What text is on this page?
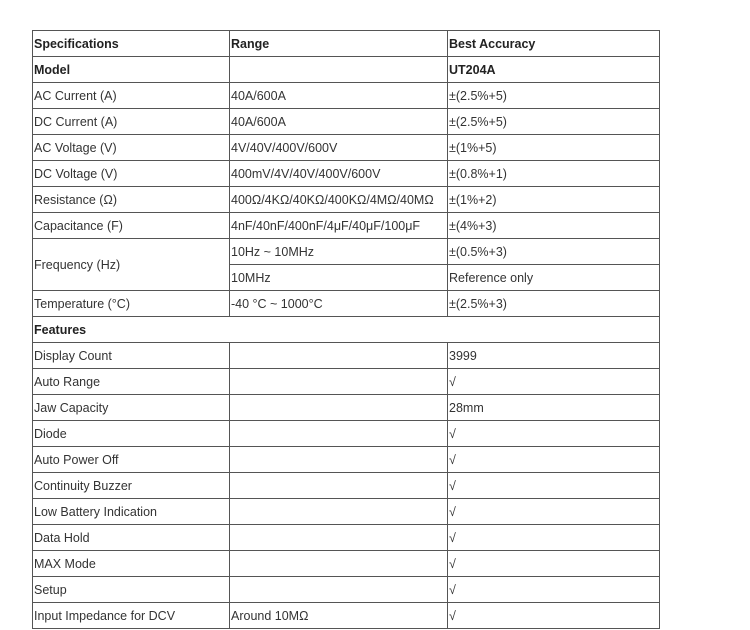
Specifications	Range	Best Accuracy
Model		UT204A
AC Current (A)	40A/600A	±(2.5%+5)
DC Current (A)	40A/600A	±(2.5%+5)
AC Voltage (V)	4V/40V/400V/600V	±(1%+5)
DC Voltage (V)	400mV/4V/40V/400V/600V	±(0.8%+1)
Resistance (Ω)	400Ω/4KΩ/40KΩ/400KΩ/4MΩ/40MΩ	±(1%+2)
Capacitance (F)	4nF/40nF/400nF/4μF/40μF/100μF	±(4%+3)
Frequency (Hz)	10Hz ~ 10MHz	±(0.5%+3)
	10MHz	Reference only
Temperature (°C)	-40 °C ~ 1000°C	±(2.5%+3)
Features		
Display Count		3999
Auto Range		√
Jaw Capacity		28mm
Diode		√
Auto Power Off		√
Continuity Buzzer		√
Low Battery Indication		√
Data Hold		√
MAX Mode		√
Setup		√
Input Impedance for DCV	Around 10MΩ	√
